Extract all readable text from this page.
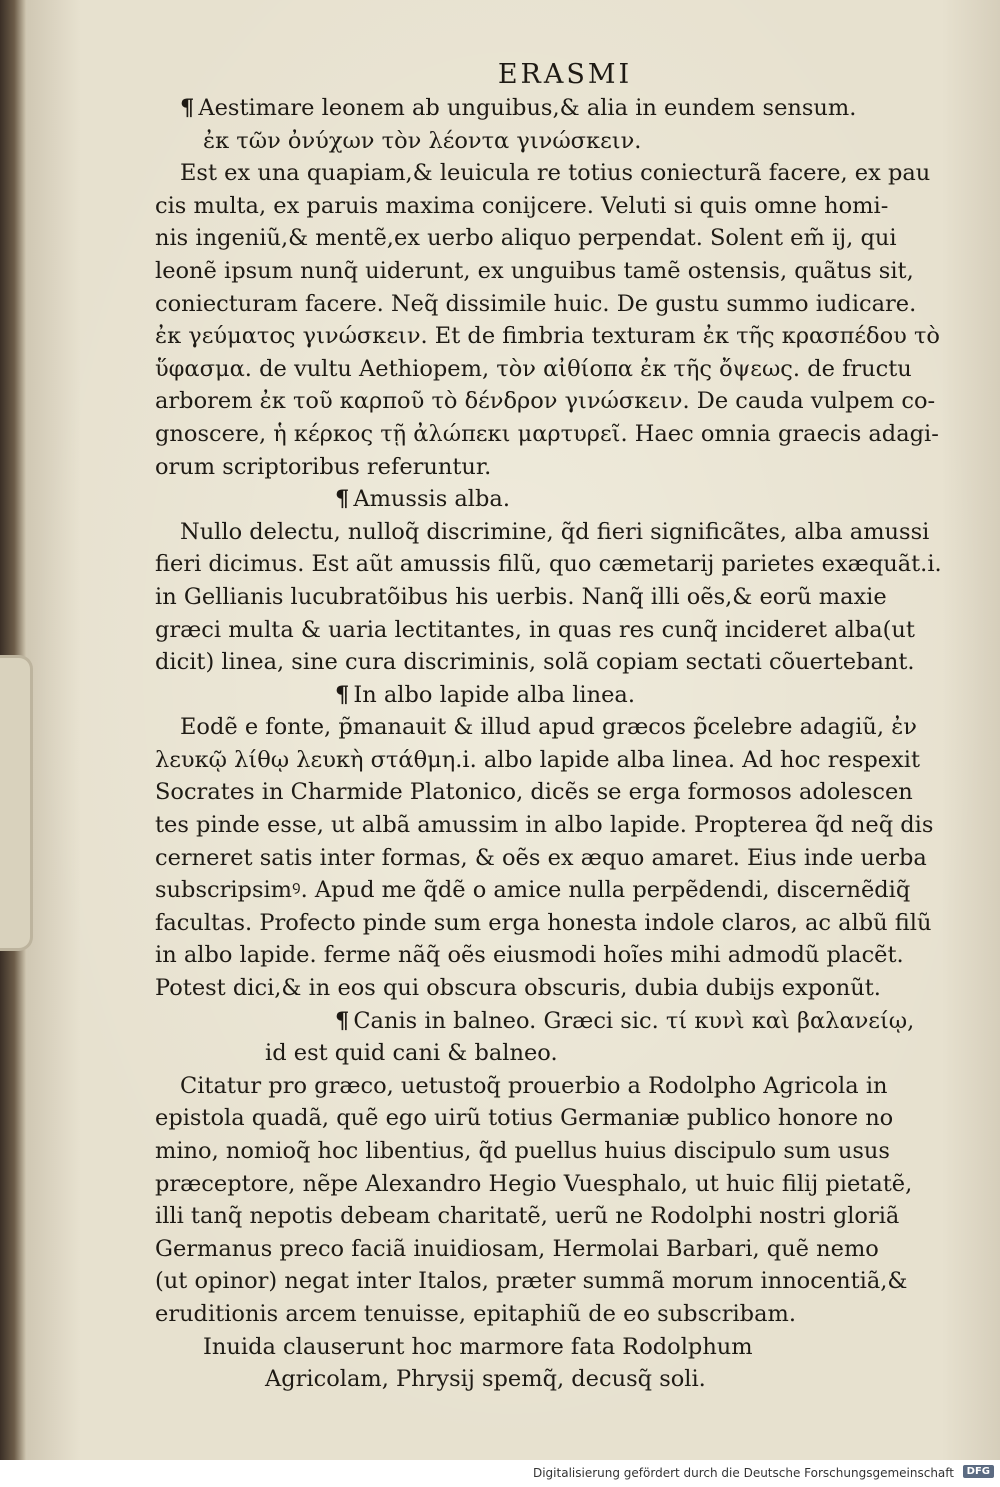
ERASMI
¶ Aestimare leonem ab unguibus,& alia in eundem sensum.
ἐκ τῶν ὀνύχων τὸν λέοντα γινώσκειν.
Est ex una quapiam,& leuicula re totius coniecturã facere, ex pau
cis multa, ex paruis maxima conijcere. Veluti si quis omne homi-
nis ingeniũ,& mentẽ,ex uerbo aliquo perpendat. Solent em̃ ij, qui
leonẽ ipsum nunq̃ uiderunt, ex unguibus tamẽ ostensis, quãtus sit,
coniecturam facere. Neq̃ dissimile huic. De gustu summo iudicare.
ἐκ γεύματος γινώσκειν. Et de fimbria texturam ἐκ τῆς κρασπέδου τὸ
ὕφασμα. de vultu Aethiopem, τὸν αἰθίοπα ἐκ τῆς ὄψεως. de fructu
arborem ἐκ τοῦ καρποῦ τὸ δένδρον γινώσκειν. De cauda vulpem co-
gnoscere, ἡ κέρκος τῇ ἀλώπεκι μαρτυρεῖ. Haec omnia graecis adagi-
orum scriptoribus referuntur.
¶ Amussis alba.
Nullo delectu, nulloq̃ discrimine, q̃d fieri significãtes, alba amussi
fieri dicimus. Est aũt amussis filũ, quo cæmetarij parietes exæquãt.i.
in Gellianis lucubratõibus his uerbis. Nanq̃ illi oẽs,& eorũ maxie
græci multa & uaria lectitantes, in quas res cunq̃ incideret alba(ut
dicit) linea, sine cura discriminis, solã copiam sectati cõuertebant.
¶ In albo lapide alba linea.
Eodẽ e fonte, p̃manauit & illud apud græcos p̃celebre adagiũ, ἐν
λευκῷ λίθῳ λευκὴ στάθμη.i. albo lapide alba linea. Ad hoc respexit
Socrates in Charmide Platonico, dicẽs se erga formosos adolescen
tes pinde esse, ut albã amussim in albo lapide. Propterea q̃d neq̃ dis
cerneret satis inter formas, & oẽs ex æquo amaret. Eius inde uerba
subscripsimꝰ. Apud me q̃dẽ o amice nulla perpẽdendi, discernẽdiq̃
facultas. Profecto pinde sum erga honesta indole claros, ac albũ filũ
in albo lapide. ferme nãq̃ oẽs eiusmodi hoĩes mihi admodũ placẽt.
Potest dici,& in eos qui obscura obscuris, dubia dubijs exponũt.
¶ Canis in balneo. Græci sic. τί κυνὶ καὶ βαλανείῳ,
id est quid cani & balneo.
Citatur pro græco, uetustoq̃ prouerbio a Rodolpho Agricola in
epistola quadã, quẽ ego uirũ totius Germaniæ publico honore no
mino, nomioq̃ hoc libentius, q̃d puellus huius discipulo sum usus
præceptore, nẽpe Alexandro Hegio Vuesphalo, ut huic filij pietatẽ,
illi tanq̃ nepotis debeam charitatẽ, uerũ ne Rodolphi nostri gloriã
Germanus preco faciã inuidiosam, Hermolai Barbari, quẽ nemo
(ut opinor) negat inter Italos, præter summã morum innocentiã,&
eruditionis arcem tenuisse, epitaphiũ de eo subscribam.
Inuida clauserunt hoc marmore fata Rodolphum
Agricolam, Phrysij spemq̃, decusq̃ soli.
Digitalisierung gefördert durch die Deutsche Forschungsgemeinschaft	DFG
